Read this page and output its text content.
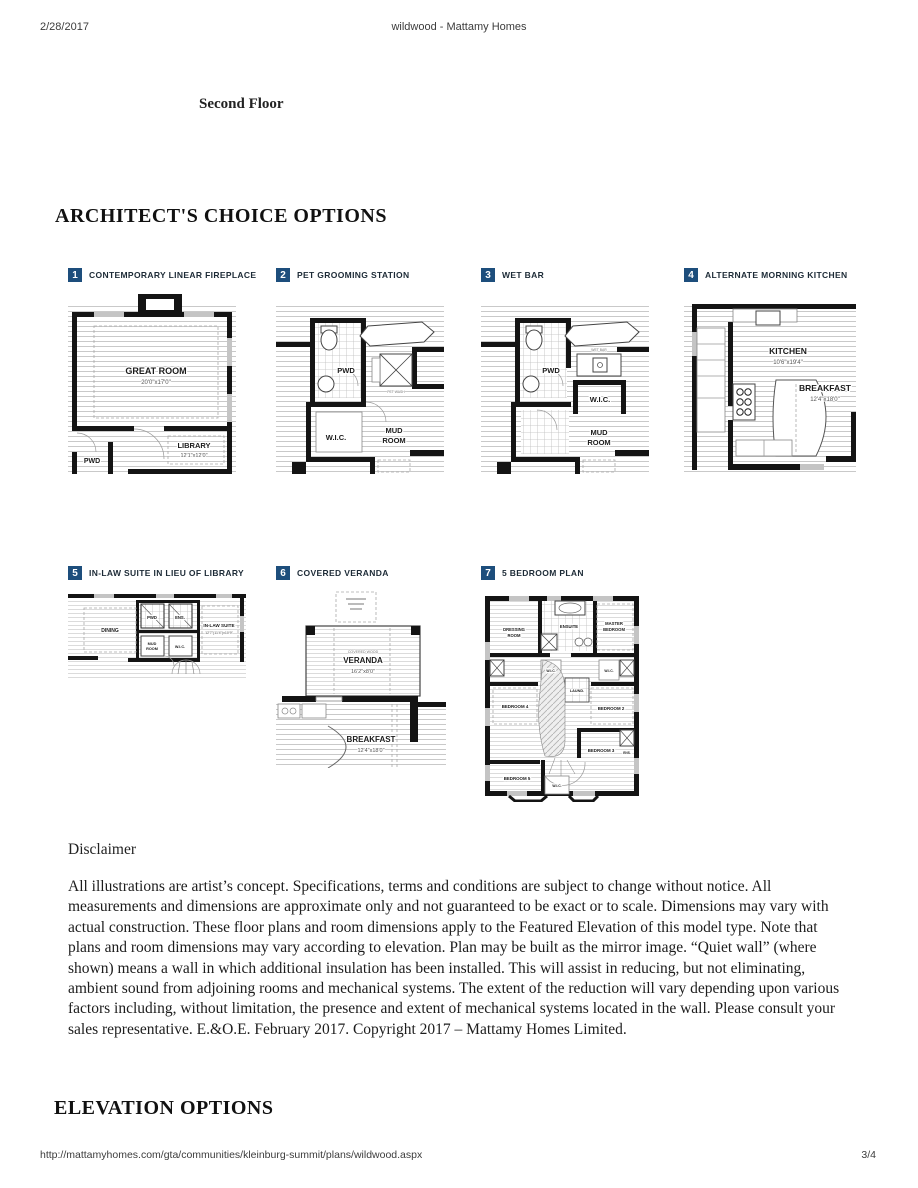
2/28/2017	wildwood - Mattamy Homes
Second Floor
ARCHITECT'S CHOICE OPTIONS
1	CONTEMPORARY LINEAR FIREPLACE
GREAT ROOM
20'0"x17'0"
LIBRARY
12'1"x12'0"
PWD
2	PET GROOMING STATION
PWD
PET WASH
W.I.C.
MUD
ROOM
3	WET BAR
PWD
WET BAR
W.I.C.
MUD
ROOM
4	ALTERNATE MORNING KITCHEN
KITCHEN
10'6"x19'4"
BREAKFAST
12'4"x18'0"
5	IN-LAW SUITE IN LIEU OF LIBRARY
DINING
PWD	ENS.
IN-LAW SUITE
12'7"(11'4")x10'9"
MUD
ROOM	W.I.C.
6	COVERED VERANDA
COVERED WOOD
VERANDA
16'2"x8'0"
BREAKFAST
12'4"x18'0"
7	5 BEDROOM PLAN
DRESSING
ROOM
ENSUITE
MASTER
BEDROOM
W.I.C.	W.I.C.
LAUND.
BEDROOM 4	BEDROOM 2
BEDROOM 3	ENS.
BEDROOM 5
W.I.C.
Disclaimer
All illustrations are artist’s concept. Specifications, terms and conditions are subject to change without notice. All measurements and dimensions are approximate only and not guaranteed to be exact or to scale. Dimensions may vary with actual construction. These floor plans and room dimensions apply to the Featured Elevation of this model type. Note that plans and room dimensions may vary according to elevation. Plan may be built as the mirror image. “Quiet wall” (where shown) means a wall in which additional insulation has been installed. This will assist in reducing, but not eliminating, ambient sound from adjoining rooms and mechanical systems. The extent of the reduction will vary depending upon various factors including, without limitation, the presence and extent of mechanical systems located in the wall. Please consult your sales representative. E.&O.E. February 2017. Copyright 2017 – Mattamy Homes Limited.
ELEVATION OPTIONS
http://mattamyhomes.com/gta/communities/kleinburg-summit/plans/wildwood.aspx	3/4
